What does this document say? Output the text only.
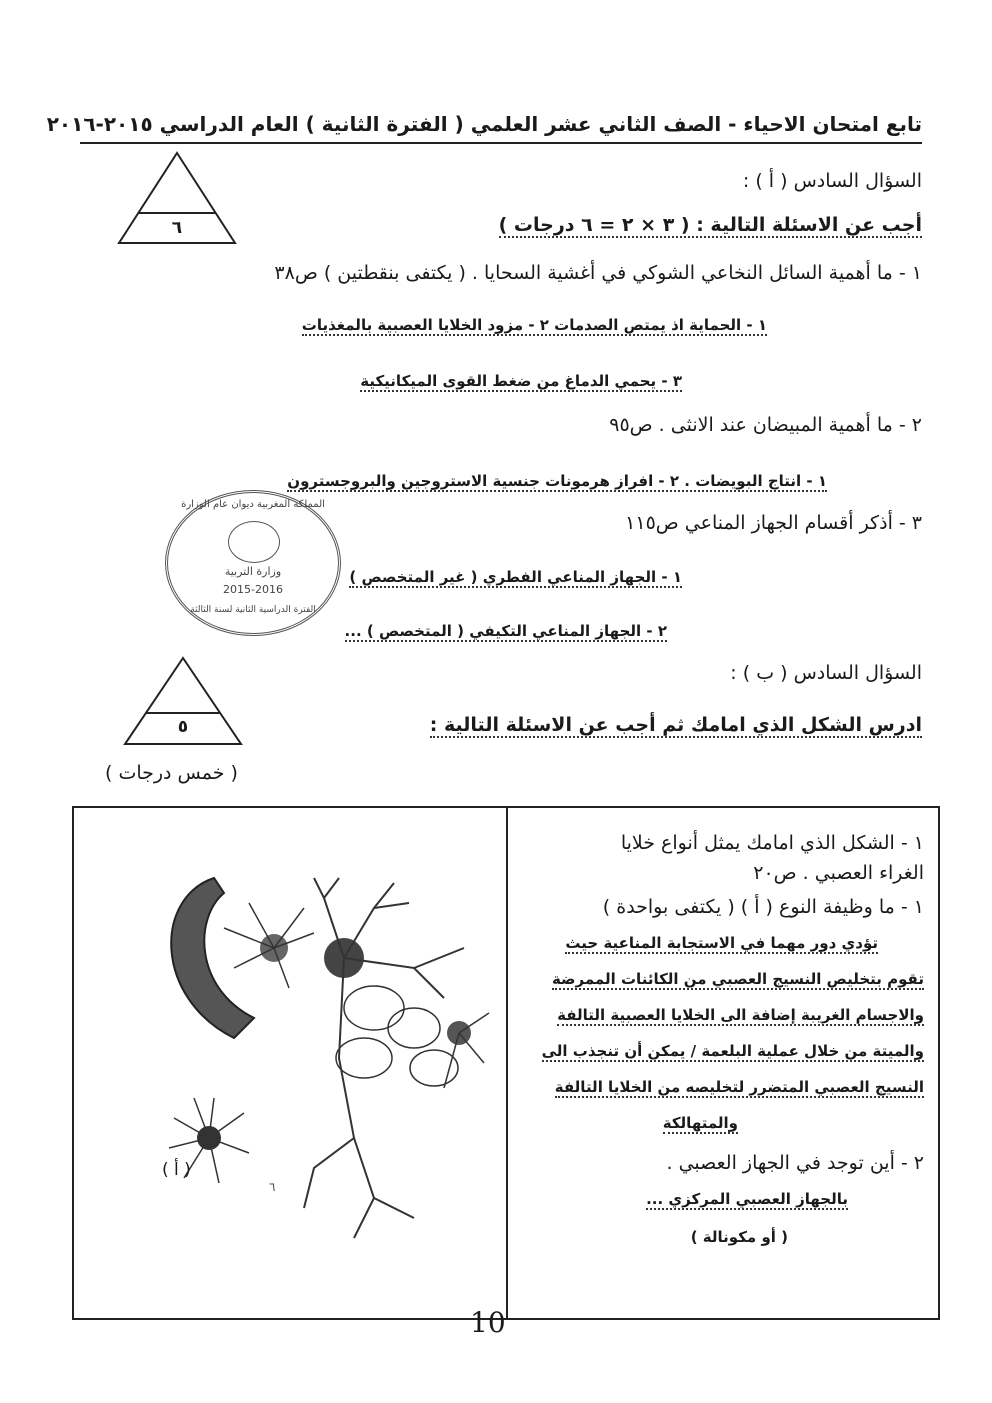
تابع امتحان الاحياء - الصف الثاني عشر العلمي ( الفترة الثانية ) العام الدراسي ٢٠١٥-٢٠١٦
٦
السؤال السادس ( أ ) :
أجب عن الاسئلة التالية : ( ٣ × ٢ = ٦ درجات )
١ - ما أهمية السائل النخاعي الشوكي في أغشية السحايا . ( يكتفى بنقطتين ) ص٣٨
١ - الحماية اذ يمتص الصدمات ٢ - مزود الخلايا العصبية بالمغذيات
٣ - يحمي الدماغ من ضغط القوى الميكانيكية
٢ - ما أهمية المبيضان عند الانثى . ص٩٥
١ - انتاج البويضات . ٢ - افراز هرمونات جنسية الاستروجين والبروجسترون
٣ - أذكر أقسام الجهاز المناعي ص١١٥
١ - الجهاز المناعي الفطري ( غير المتخصص )
٢ - الجهاز المناعي التكيفي ( المتخصص ) ...
المملكة المغربية ديوان عام الوزارة
وزارة التربية
2015-2016
الفترة الدراسية الثانية لسنة الثالثة
السؤال السادس ( ب ) :
٥	ادرس الشكل الذي امامك ثم أجب عن الاسئلة التالية :
( خمس درجات )
( أ )
٦
١ - الشكل الذي امامك يمثل أنواع خلايا
الغراء العصبي . ص٢٠
١ - ما وظيفة النوع ( أ ) ( يكتفى بواحدة )
تؤدي دور مهما في الاستجابة المناعية حيث
تقوم بتخليص النسيج العصبي من الكائنات الممرضة
والاجسام الغريبة إضافة الى الخلايا العصبية التالفة
والميتة من خلال عملية البلعمة / يمكن أن تنجذب الى
النسيج العصبي المتضرر لتخليصه من الخلايا التالفة
والمتهالكة
٢ - أين توجد في الجهاز العصبي .
بالجهاز العصبي المركزي ...
( أو مكونالة )
10
